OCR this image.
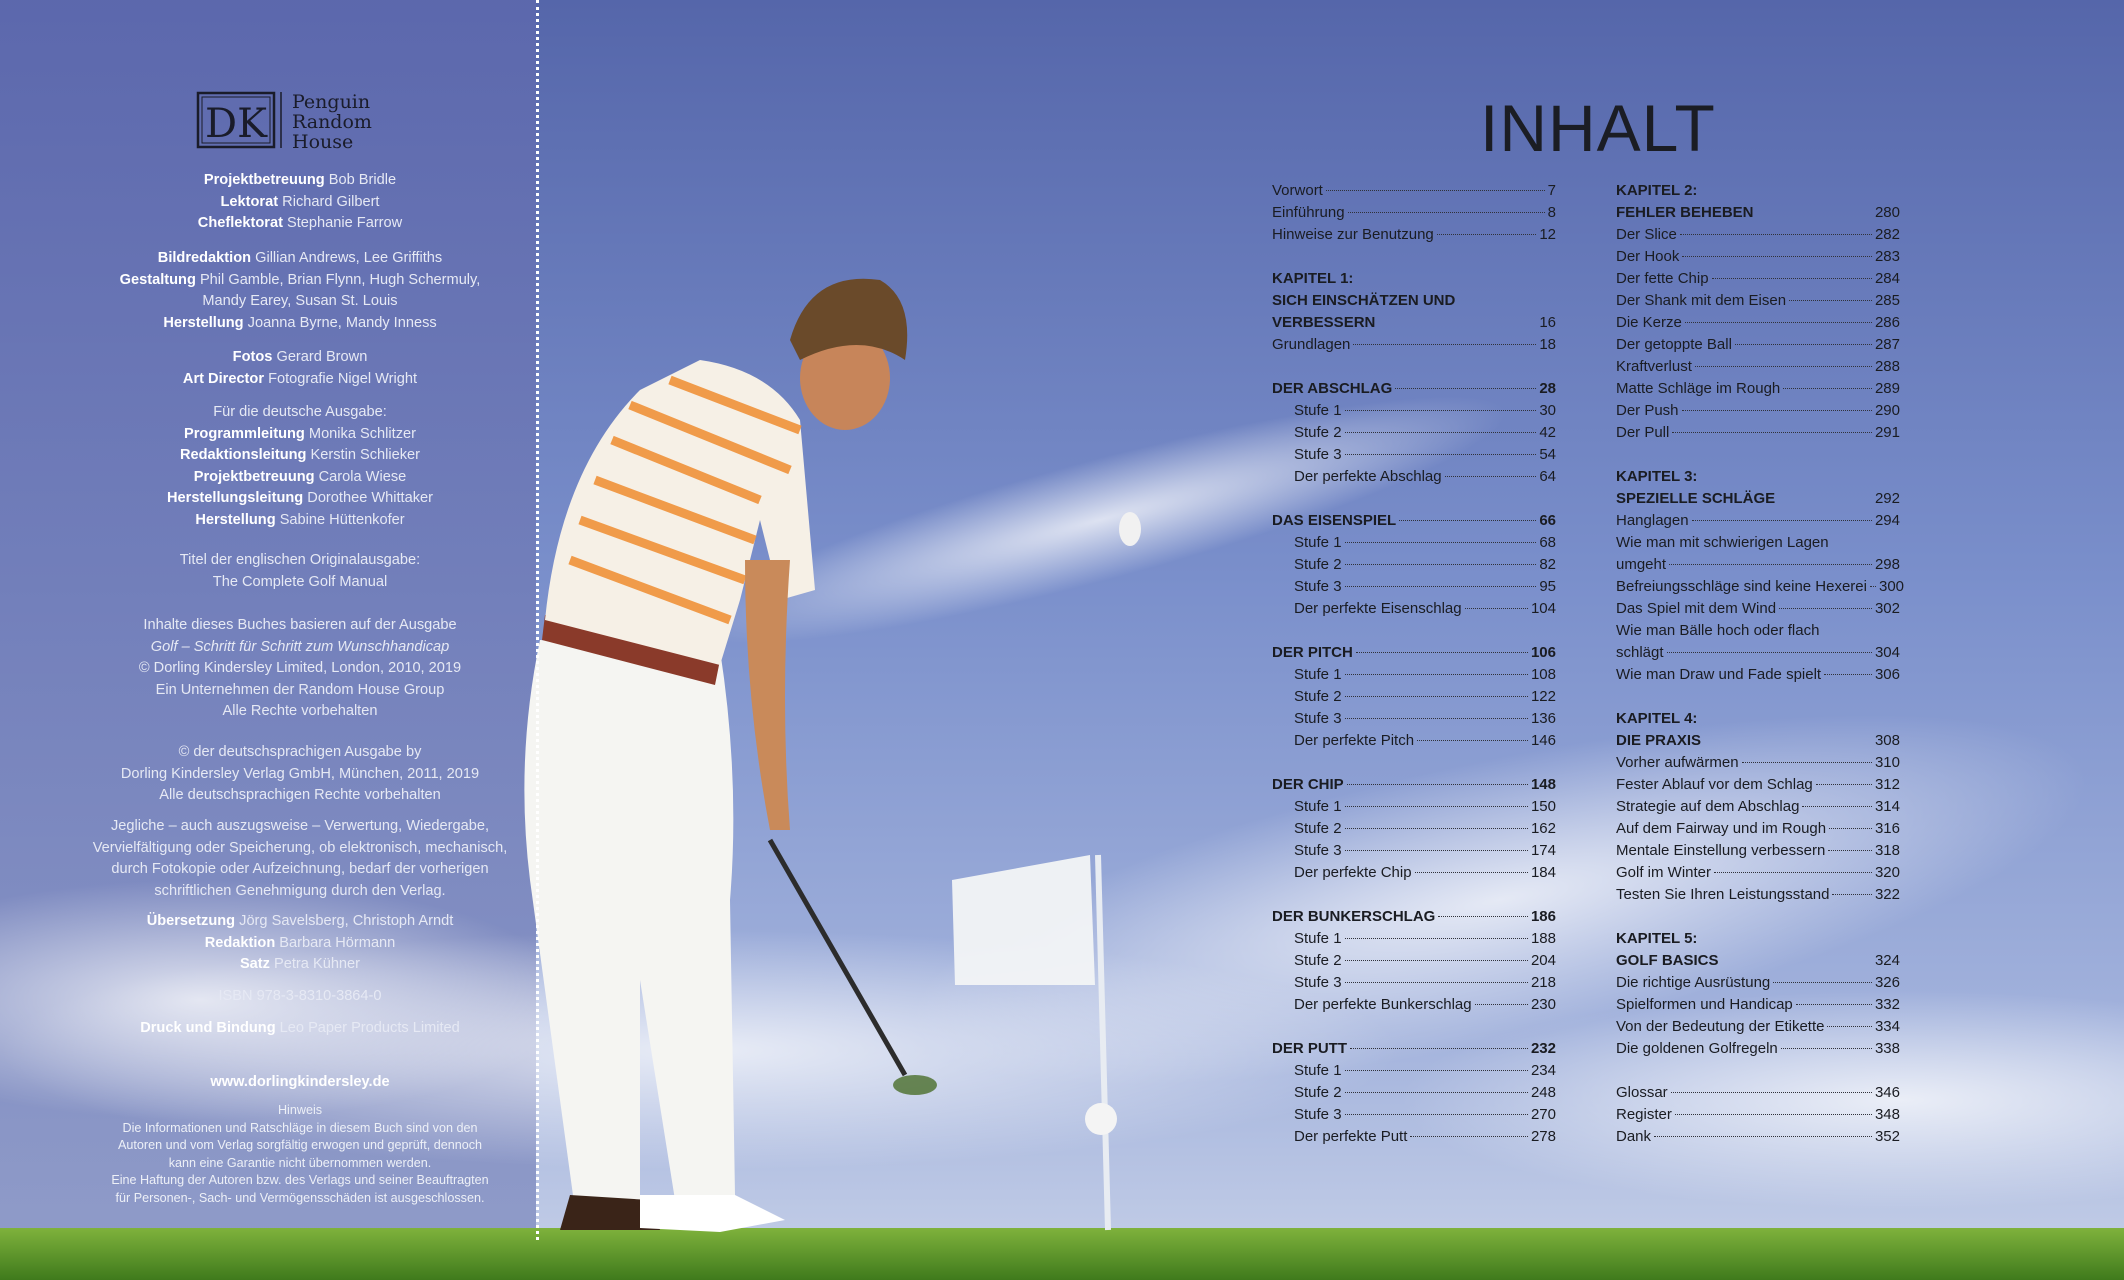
DK Penguin
Random
House

Projektbetreuung Bob Bridle

Lektorat Richard Gilbert

Cheflektorat Stephanie Farrow

Bildredaktion Gillian Andrews, Lee Griffiths

Gestaltung Phil Gamble, Brian Flynn, Hugh Schermuly,

Mandy Earey, Susan St. Louis

Herstellung Joanna Byrne, Mandy Inness

Fotos Gerard Brown

Art Director Fotografie Nigel Wright

Für die deutsche Ausgabe:

Programmleitung Monika Schlitzer

Redaktionsleitung Kerstin Schlieker

Projektbetreuung Carola Wiese

Herstellungsleitung Dorothee Whittaker

Herstellung Sabine Hüttenkofer

Titel der englischen Originalausgabe:

The Complete Golf Manual

Inhalte dieses Buches basieren auf der Ausgabe

Golf – Schritt für Schritt zum Wunschhandicap

© Dorling Kindersley Limited, London, 2010, 2019

Ein Unternehmen der Random House Group

Alle Rechte vorbehalten

© der deutschsprachigen Ausgabe by

Dorling Kindersley Verlag GmbH, München, 2011, 2019

Alle deutschsprachigen Rechte vorbehalten

Jegliche – auch auszugsweise – Verwertung, Wiedergabe,

Vervielfältigung oder Speicherung, ob elektronisch, mechanisch,

durch Fotokopie oder Aufzeichnung, bedarf der vorherigen

schriftlichen Genehmigung durch den Verlag.

Übersetzung Jörg Savelsberg, Christoph Arndt

Redaktion Barbara Hörmann

Satz Petra Kühner

ISBN 978-3-8310-3864-0

Druck und Bindung Leo Paper Products Limited

www.dorlingkindersley.de

Hinweis

Die Informationen und Ratschläge in diesem Buch sind von den

Autoren und vom Verlag sorgfältig erwogen und geprüft, dennoch

kann eine Garantie nicht übernommen werden.

Eine Haftung der Autoren bzw. des Verlags und seiner Beauftragten

für Personen-, Sach- und Vermögensschäden ist ausgeschlossen.

INHALT
Vorwort	7
Einführung	8
Hinweise zur Benutzung	12
KAPITEL 1:
SICH EINSCHÄTZEN UND
VERBESSERN	16
Grundlagen	18
DER ABSCHLAG	28
Stufe 1	30
Stufe 2	42
Stufe 3	54
Der perfekte Abschlag	64
DAS EISENSPIEL	66
Stufe 1	68
Stufe 2	82
Stufe 3	95
Der perfekte Eisenschlag	104
DER PITCH	106
Stufe 1	108
Stufe 2	122
Stufe 3	136
Der perfekte Pitch	146
DER CHIP	148
Stufe 1	150
Stufe 2	162
Stufe 3	174
Der perfekte Chip	184
DER BUNKERSCHLAG	186
Stufe 1	188
Stufe 2	204
Stufe 3	218
Der perfekte Bunkerschlag	230
DER PUTT	232
Stufe 1	234
Stufe 2	248
Stufe 3	270
Der perfekte Putt	278
KAPITEL 2:
FEHLER BEHEBEN	280
Der Slice	282
Der Hook	283
Der fette Chip	284
Der Shank mit dem Eisen	285
Die Kerze	286
Der getoppte Ball	287
Kraftverlust	288
Matte Schläge im Rough	289
Der Push	290
Der Pull	291
KAPITEL 3:
SPEZIELLE SCHLÄGE	292
Hanglagen	294
Wie man mit schwierigen Lagen
umgeht	298
Befreiungsschläge sind keine Hexerei 300
Das Spiel mit dem Wind	302
Wie man Bälle hoch oder flach
schlägt	304
Wie man Draw und Fade spielt	306
KAPITEL 4:
DIE PRAXIS	308
Vorher aufwärmen	310
Fester Ablauf vor dem Schlag	312
Strategie auf dem Abschlag	314
Auf dem Fairway und im Rough	316
Mentale Einstellung verbessern	318
Golf im Winter	320
Testen Sie Ihren Leistungsstand	322
KAPITEL 5:
GOLF BASICS	324
Die richtige Ausrüstung	326
Spielformen und Handicap	332
Von der Bedeutung der Etikette	334
Die goldenen Golfregeln	338
Glossar	346
Register	348
Dank	352
